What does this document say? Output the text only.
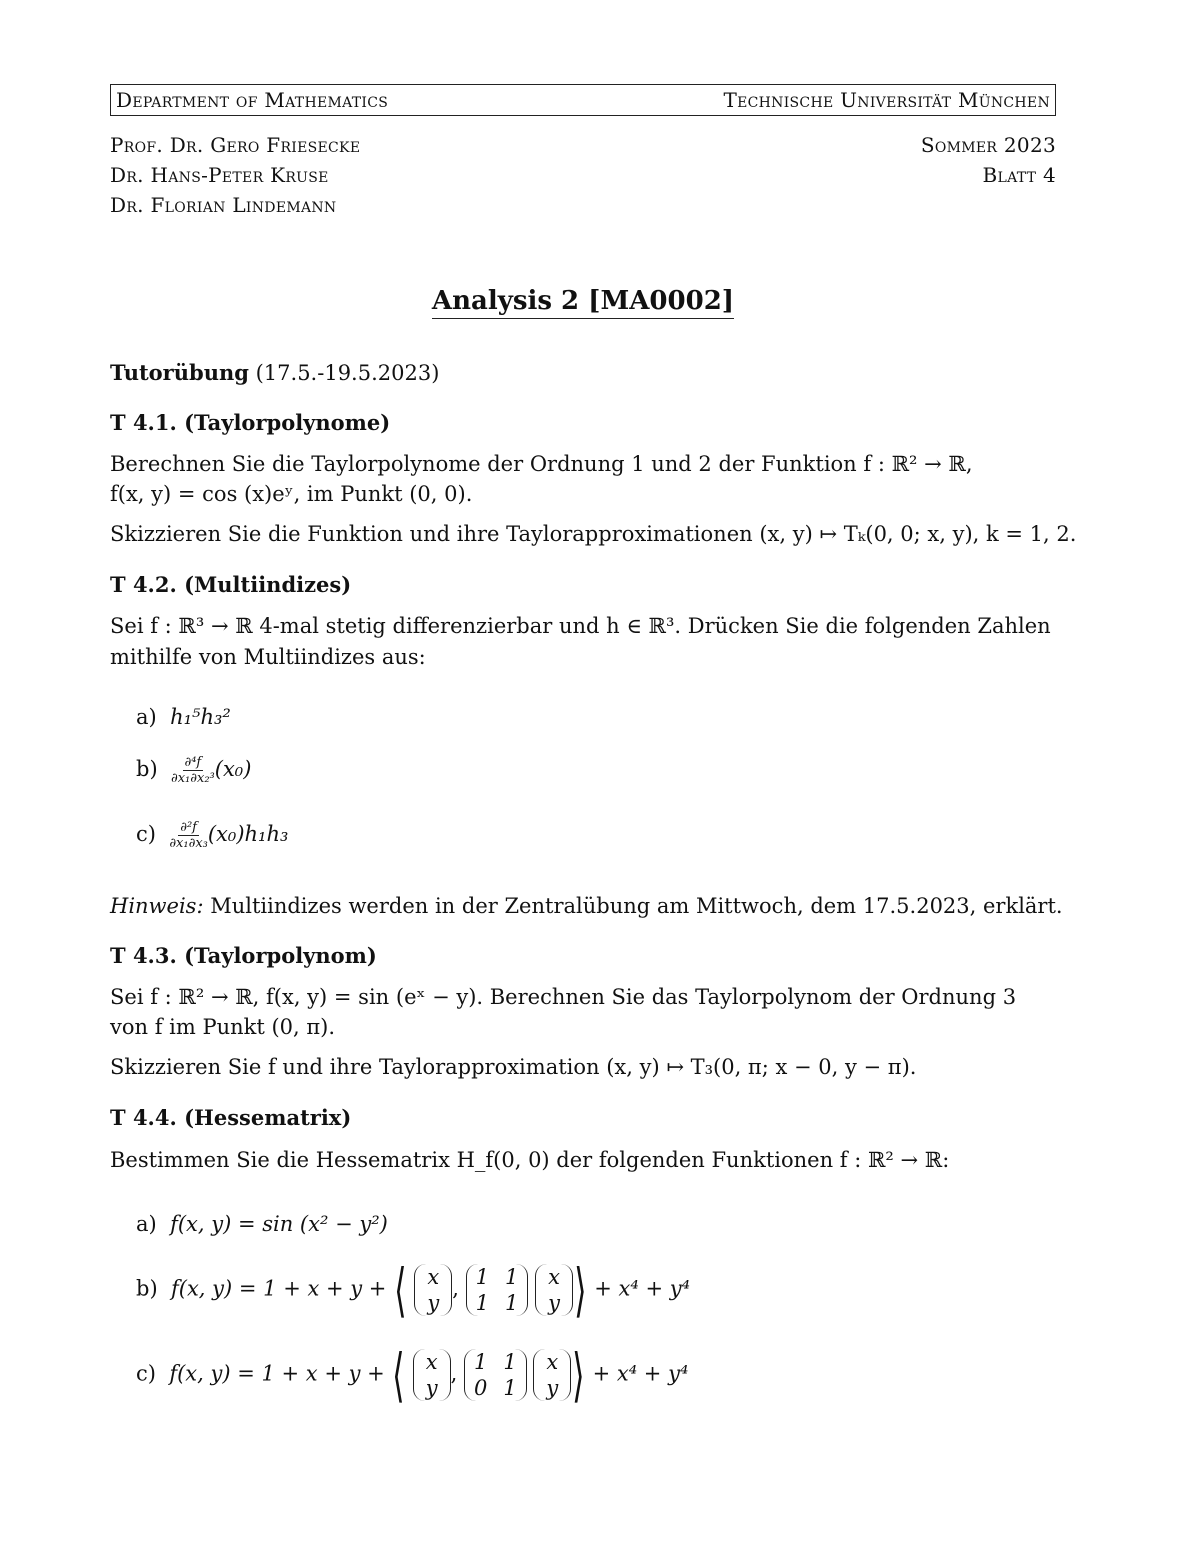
Department of Mathematics	Technische Universität München
Prof. Dr. Gero Friesecke
Dr. Hans-Peter Kruse
Dr. Florian Lindemann
Sommer 2023
Blatt 4
Analysis 2 [MA0002]
Tutorübung (17.5.-19.5.2023)
T 4.1. (Taylorpolynome)
Berechnen Sie die Taylorpolynome der Ordnung 1 und 2 der Funktion f : ℝ² → ℝ,
f(x, y) = cos (x)eʸ, im Punkt (0, 0).
Skizzieren Sie die Funktion und ihre Taylorapproximationen (x, y) ↦ Tₖ(0, 0; x, y), k = 1, 2.
T 4.2. (Multiindizes)
Sei f : ℝ³ → ℝ 4-mal stetig differenzierbar und h ∈ ℝ³. Drücken Sie die folgenden Zahlen
mithilfe von Multiindizes aus:
a) h₁⁵h₃²
$b) \frac{\text{∂⁴f}}{\text{∂x₁∂x₂³}} (x_0)$
$c) \frac{\text{∂²f}}{\text{∂x₁∂x₃}} (x_0)h_1h_3$
Hinweis: Multiindizes werden in der Zentralübung am Mittwoch, dem 17.5.2023, erklärt.
T 4.3. (Taylorpolynom)
Sei f : ℝ² → ℝ, f(x, y) = sin (eˣ − y). Berechnen Sie das Taylorpolynom der Ordnung 3
von f im Punkt (0, π).
Skizzieren Sie f und ihre Taylorapproximation (x, y) ↦ T₃(0, π; x − 0, y − π).
T 4.4. (Hessematrix)
Bestimmen Sie die Hessematrix H_f(0, 0) der folgenden Funktionen f : ℝ² → ℝ:
a) f(x, y) = sin (x² − y²)
b) f(x, y) = 1 + x + y + ⟨ x
y
, 1 1
1 1

x
y ⟩ + x⁴ + y⁴
c) f(x, y) = 1 + x + y + ⟨ x
y
, 1 1
0 1

x
y ⟩ + x⁴ + y⁴
